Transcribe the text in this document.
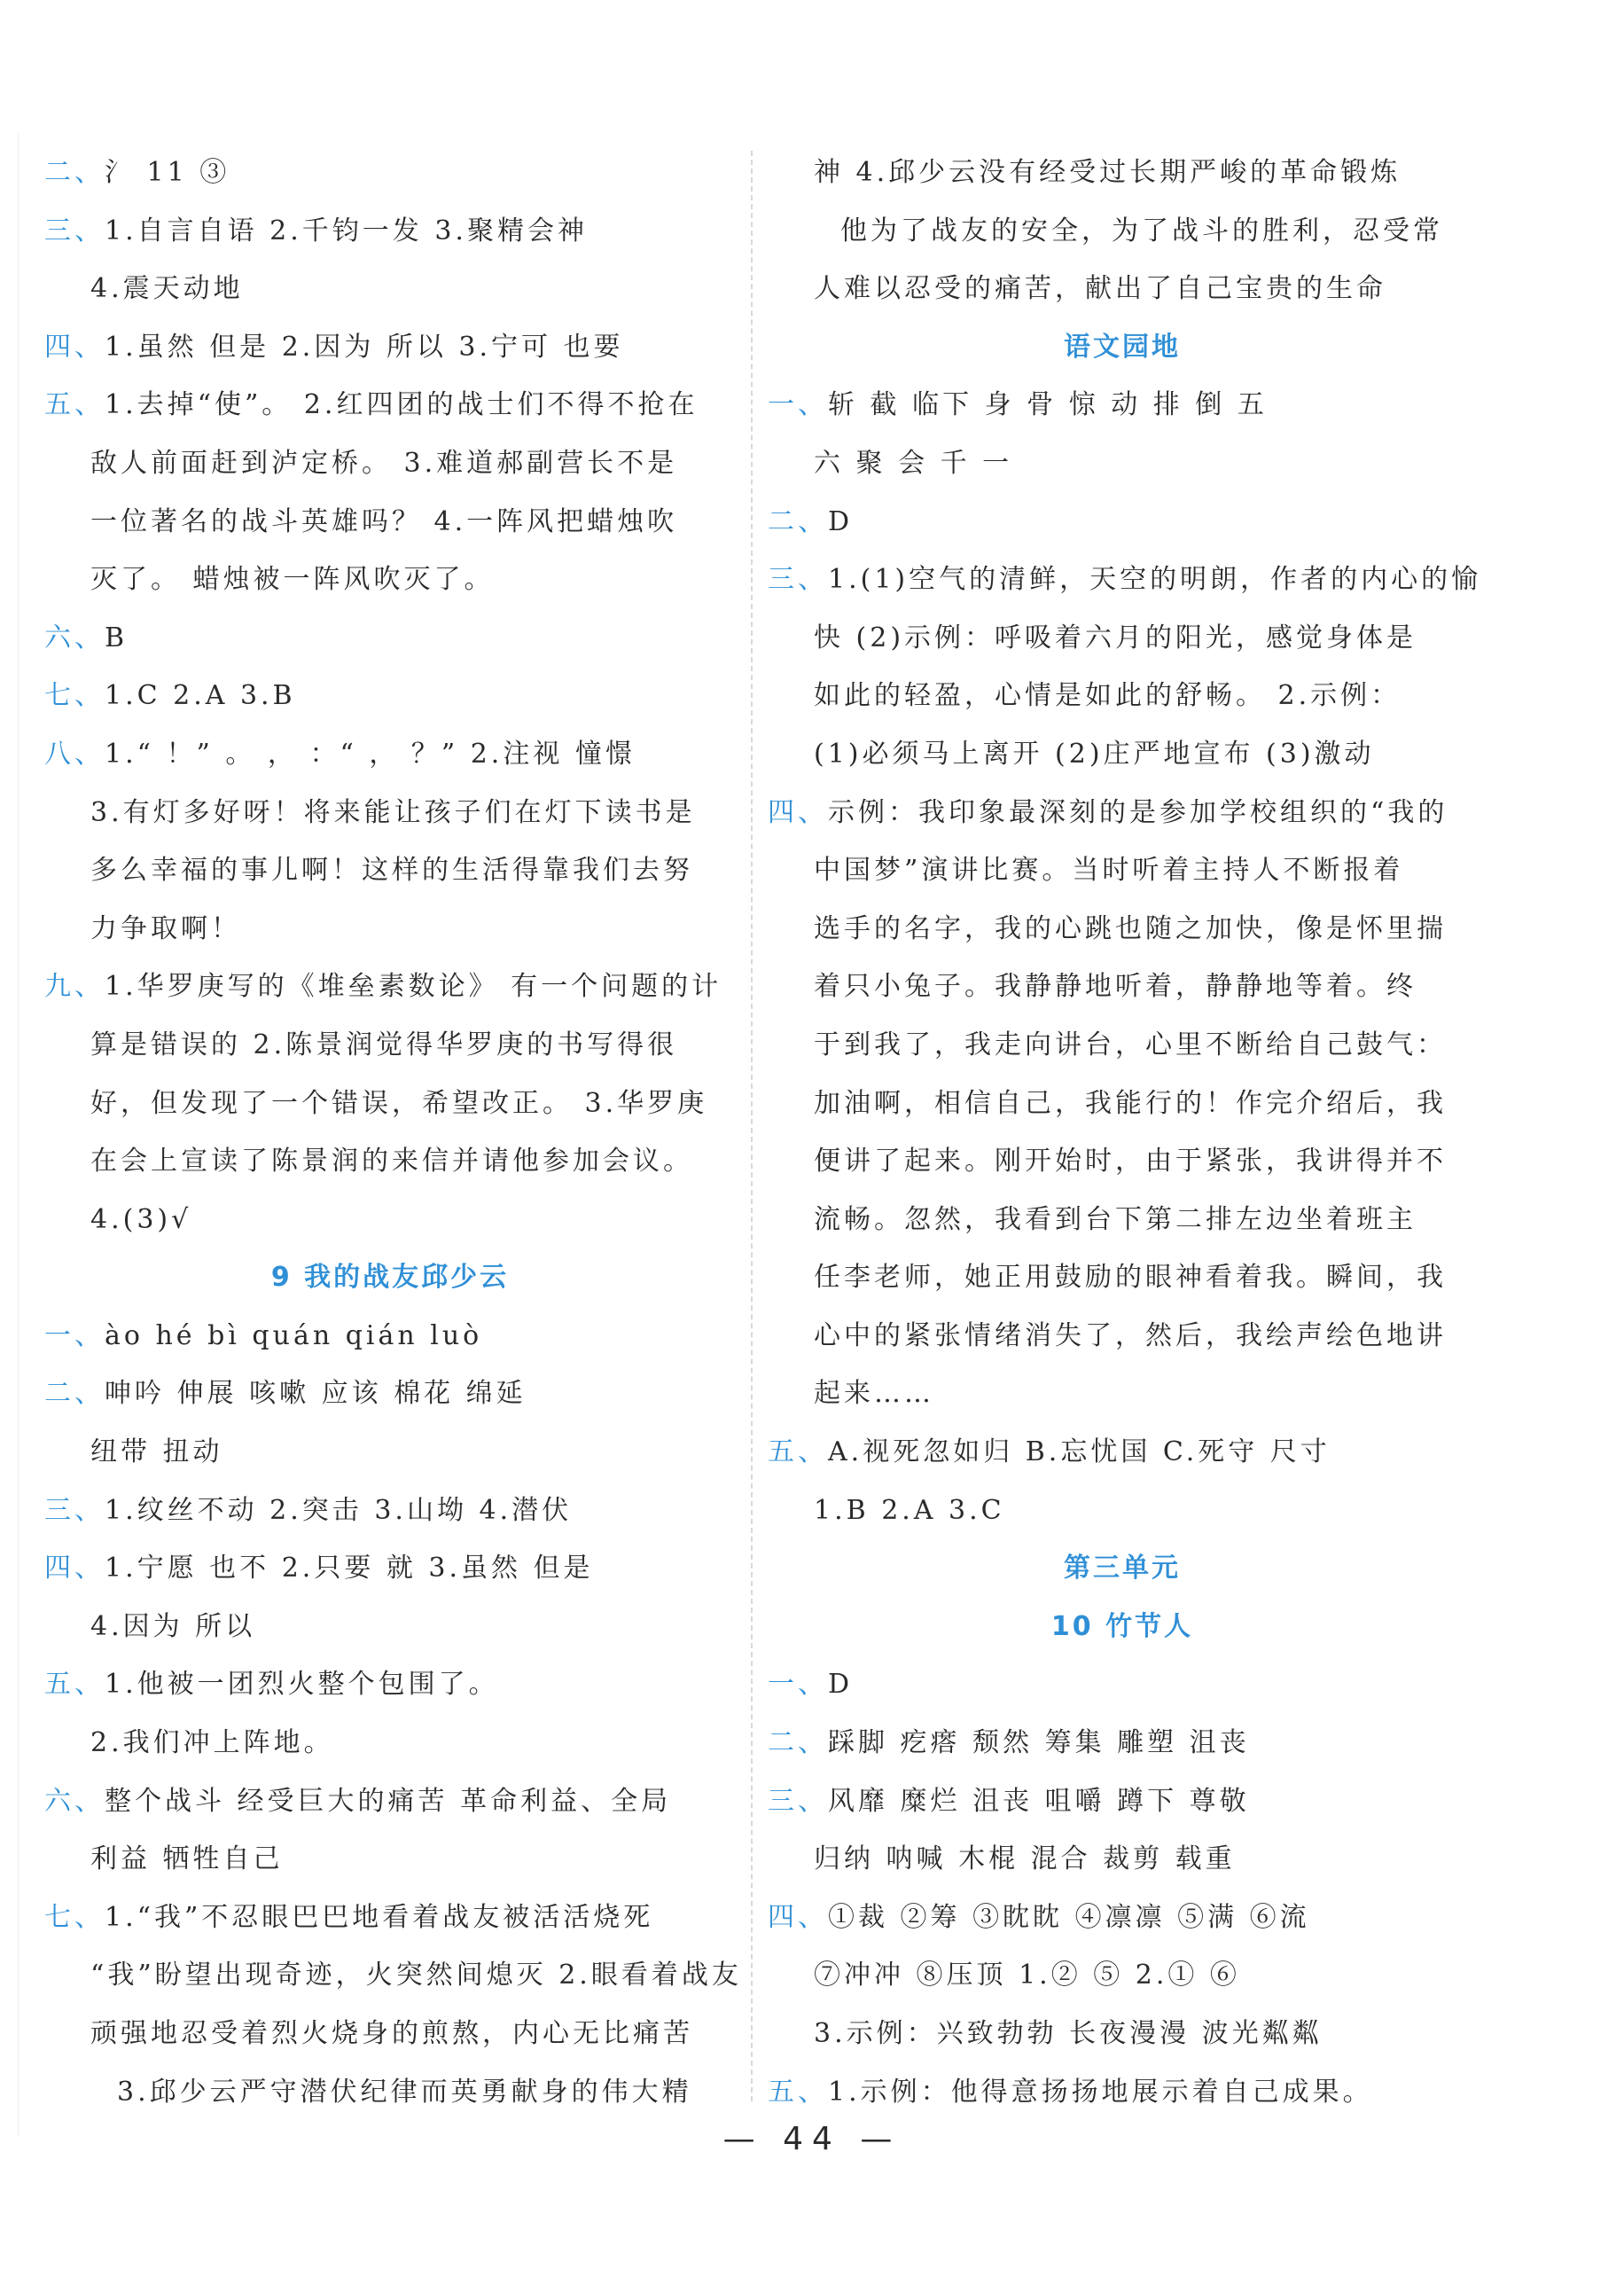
二、氵 11 ③
三、1.自言自语 2.千钧一发 3.聚精会神
4.震天动地
四、1.虽然 但是 2.因为 所以 3.宁可 也要
五、1.去掉“使”。 2.红四团的战士们不得不抢在
敌人前面赶到泸定桥。 3.难道郝副营长不是
一位著名的战斗英雄吗？ 4.一阵风把蜡烛吹
灭了。 蜡烛被一阵风吹灭了。
六、B
七、1.C 2.A 3.B
八、1.“ ！” 。 ， ：“ ， ？” 2.注视 憧憬
3.有灯多好呀！将来能让孩子们在灯下读书是
多么幸福的事儿啊！这样的生活得靠我们去努
力争取啊！
九、1.华罗庚写的《堆垒素数论》 有一个问题的计
算是错误的 2.陈景润觉得华罗庚的书写得很
好，但发现了一个错误，希望改正。 3.华罗庚
在会上宣读了陈景润的来信并请他参加会议。
4.(3)√
9 我的战友邱少云
一、ào hé bì quán qián luò
二、呻吟 伸展 咳嗽 应该 棉花 绵延
纽带 扭动
三、1.纹丝不动 2.突击 3.山坳 4.潜伏
四、1.宁愿 也不 2.只要 就 3.虽然 但是
4.因为 所以
五、1.他被一团烈火整个包围了。
2.我们冲上阵地。
六、整个战斗 经受巨大的痛苦 革命利益、全局
利益 牺牲自己
七、1.“我”不忍眼巴巴地看着战友被活活烧死
“我”盼望出现奇迹，火突然间熄灭 2.眼看着战友
顽强地忍受着烈火烧身的煎熬，内心无比痛苦
3.邱少云严守潜伏纪律而英勇献身的伟大精
神 4.邱少云没有经受过长期严峻的革命锻炼
他为了战友的安全，为了战斗的胜利，忍受常
人难以忍受的痛苦，献出了自己宝贵的生命
语文园地
一、斩 截 临下 身 骨 惊 动 排 倒 五
六 聚 会 千 一
二、D
三、1.(1)空气的清鲜，天空的明朗，作者的内心的愉
快 (2)示例：呼吸着六月的阳光，感觉身体是
如此的轻盈，心情是如此的舒畅。 2.示例：
(1)必须马上离开 (2)庄严地宣布 (3)激动
四、示例：我印象最深刻的是参加学校组织的“我的
中国梦”演讲比赛。当时听着主持人不断报着
选手的名字，我的心跳也随之加快，像是怀里揣
着只小兔子。我静静地听着，静静地等着。终
于到我了，我走向讲台，心里不断给自己鼓气：
加油啊，相信自己，我能行的！作完介绍后，我
便讲了起来。刚开始时，由于紧张，我讲得并不
流畅。忽然，我看到台下第二排左边坐着班主
任李老师，她正用鼓励的眼神看着我。瞬间，我
心中的紧张情绪消失了，然后，我绘声绘色地讲
起来……
五、A.视死忽如归 B.忘忧国 C.死守 尺寸
1.B 2.A 3.C
第三单元
10 竹节人
一、D
二、踩脚 疙瘩 颓然 筹集 雕塑 沮丧
三、风靡 糜烂 沮丧 咀嚼 蹲下 尊敬
归纳 呐喊 木棍 混合 裁剪 载重
四、①裁 ②筹 ③眈眈 ④凛凛 ⑤满 ⑥流
⑦冲冲 ⑧压顶 1.② ⑤ 2.① ⑥
3.示例：兴致勃勃 长夜漫漫 波光粼粼
五、1.示例：他得意扬扬地展示着自己成果。
— 44 —
